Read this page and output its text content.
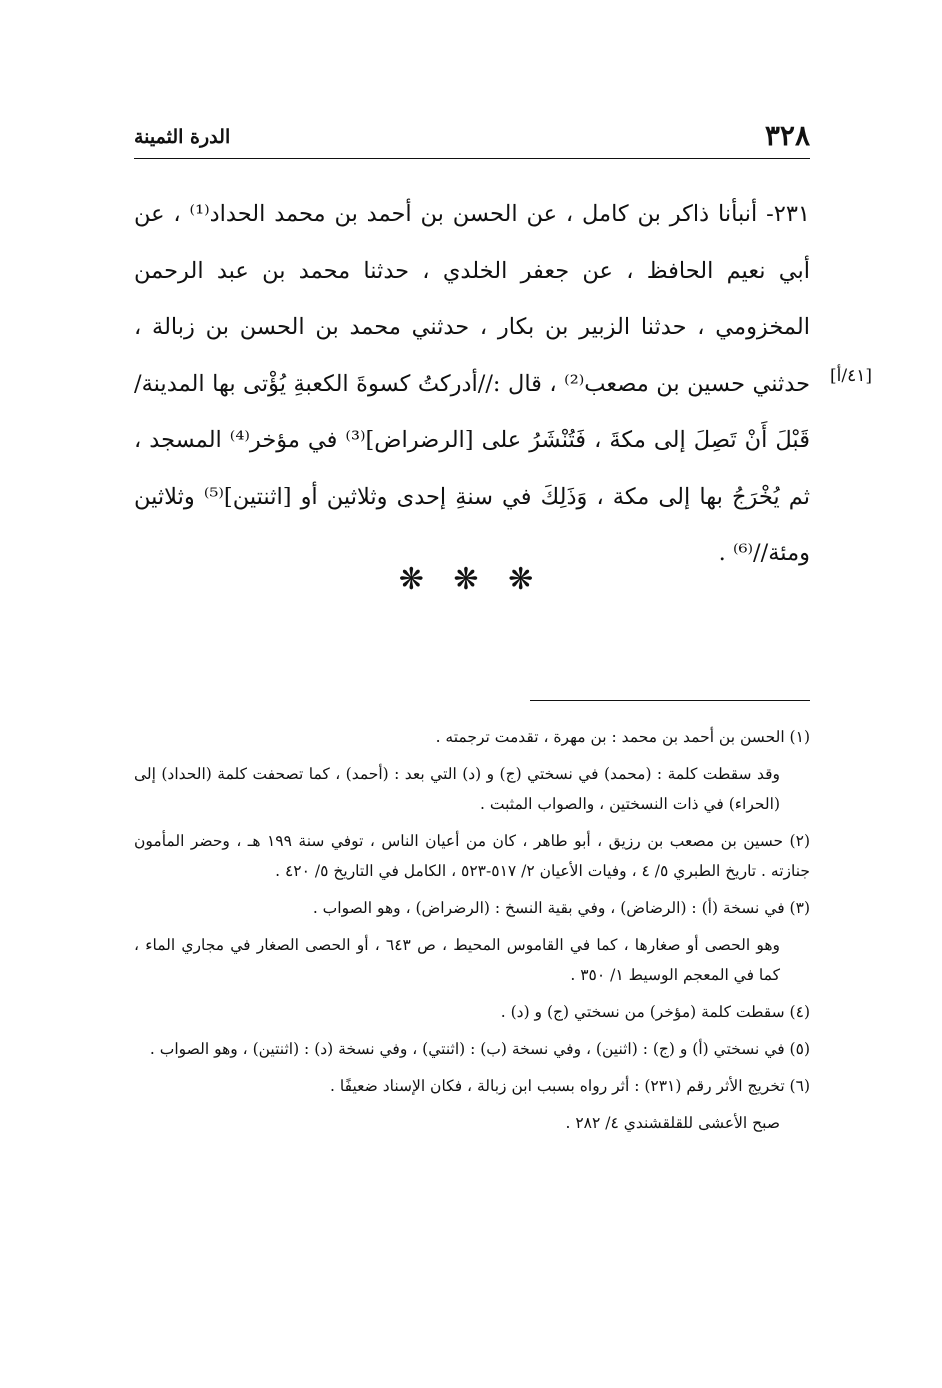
٣٢٨
الدرة الثمينة

٢٣١- أنبأنا ذاكر بن كامل ، عن الحسن بن أحمد بن محمد الحداد⁽¹⁾ ، عن أبي نعيم الحافظ ، عن جعفر الخلدي ، حدثنا محمد بن عبد الرحمن المخزومي ، حدثنا الزبير بن بكار ، حدثني محمد بن الحسن بن زبالة ، حدثني حسين بن مصعب⁽²⁾ ، قال ://أدركتُ كسوةَ الكعبةِ يُؤْتى بها المدينة/ قَبْلَ أَنْ تَصِلَ إلى مكةَ ، فَتُنْشَرُ على [الرضراض]⁽³⁾ في مؤخر⁽⁴⁾ المسجد ، ثم يُخْرَجُ بها إلى مكة ، وَذَلِكَ في سنةِ إحدى وثلاثين أو [اثنتين]⁽⁵⁾ وثلاثين ومئة//⁽⁶⁾ .

[٤١/أ]
❋ ❋ ❋

(١) الحسن بن أحمد بن محمد : بن مهرة ، تقدمت ترجمته .

وقد سقطت كلمة : (محمد) في نسختي (ج) و (د) التي بعد : (أحمد) ، كما تصحفت كلمة (الحداد) إلى (الحراء) في ذات النسختين ، والصواب المثبت .

(٢) حسين بن مصعب بن رزيق ، أبو طاهر ، كان من أعيان الناس ، توفي سنة ١٩٩ هـ ، وحضر المأمون جنازته . تاريخ الطبري ٥/ ٤ ، وفيات الأعيان ٢/ ٥١٧-٥٢٣ ، الكامل في التاريخ ٥/ ٤٢٠ .

(٣) في نسخة (أ) : (الرضاض) ، وفي بقية النسخ : (الرضراض) ، وهو الصواب .

وهو الحصى أو صغارها ، كما في القاموس المحيط ، ص ٦٤٣ ، أو الحصى الصغار في مجاري الماء ، كما في المعجم الوسيط ١/ ٣٥٠ .

(٤) سقطت كلمة (مؤخر) من نسختي (ج) و (د) .

(٥) في نسختي (أ) و (ج) : (اثنين) ، وفي نسخة (ب) : (اثنتي) ، وفي نسخة (د) : (اثنتين) ، وهو الصواب .

(٦) تخريج الأثر رقم (٢٣١) : أثر رواه بسبب ابن زبالة ، فكان الإسناد ضعيفًا .

صبح الأعشى للقلقشندي ٤/ ٢٨٢ .
